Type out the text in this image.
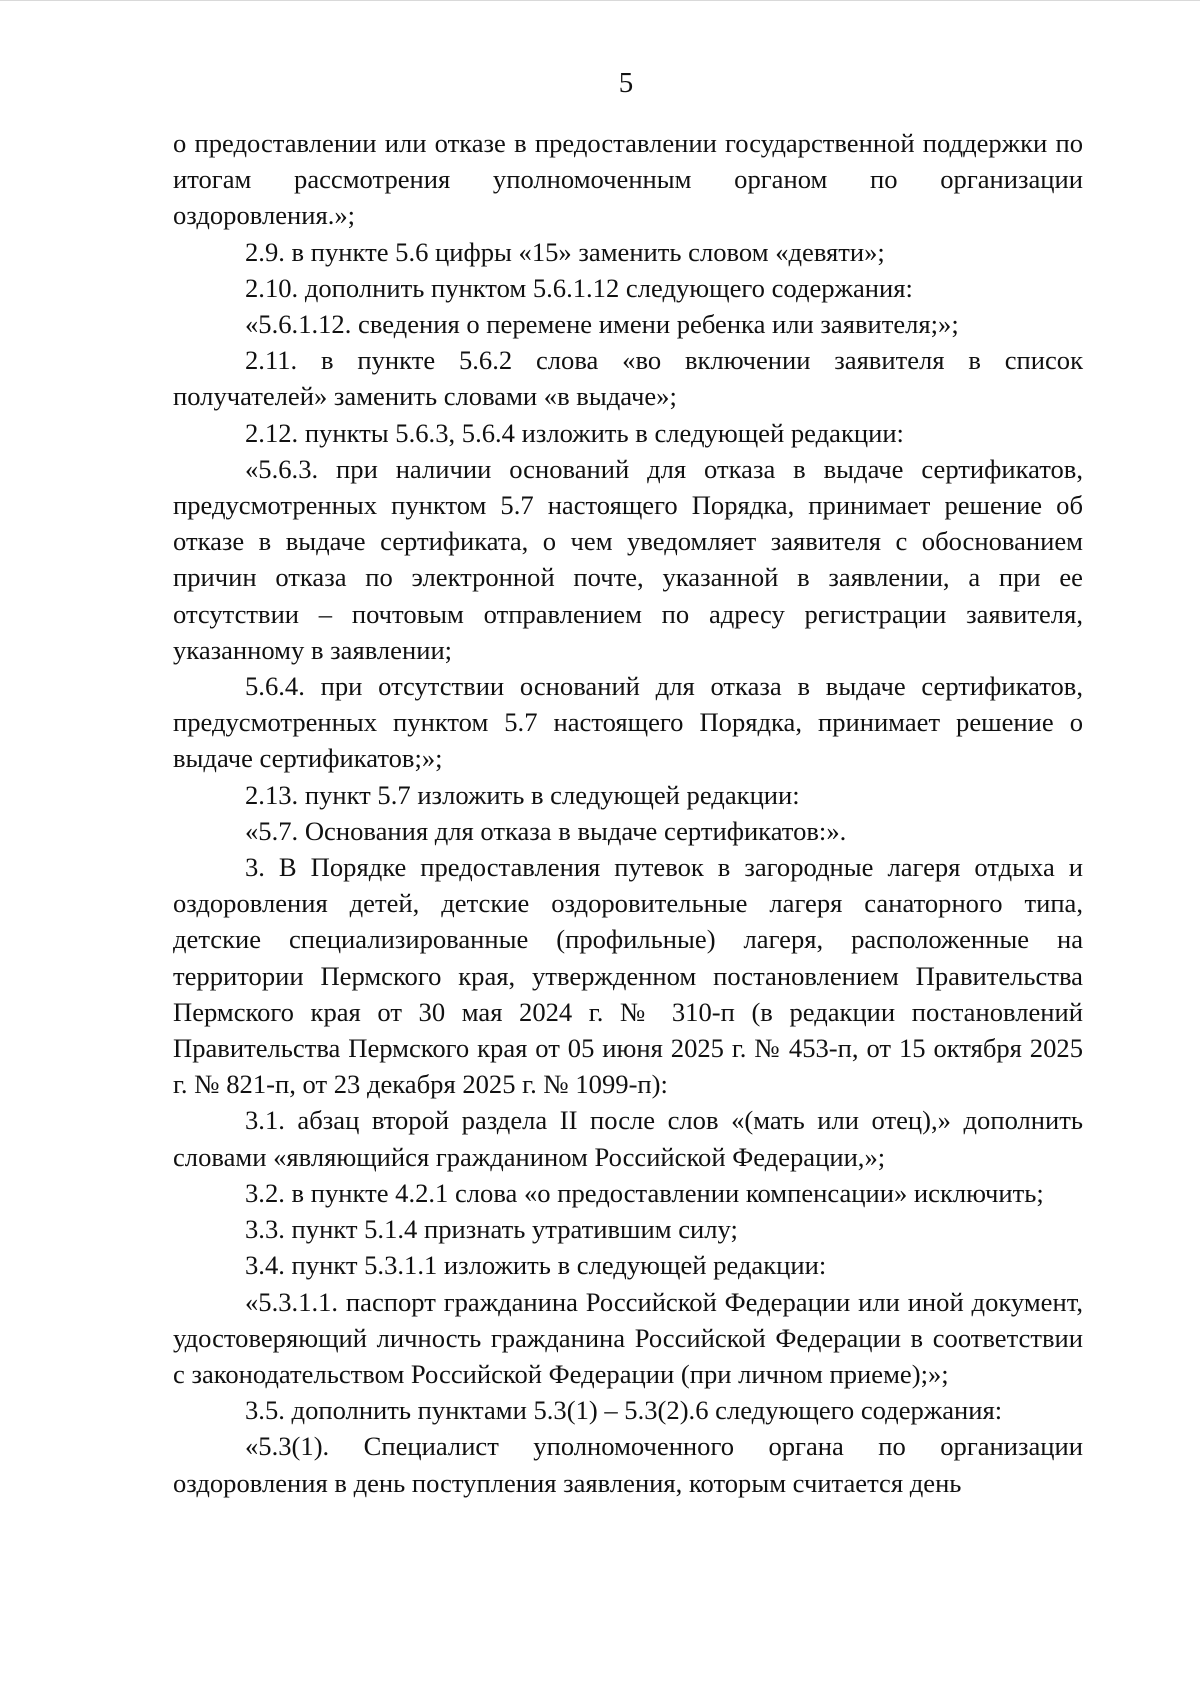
5

о предоставлении или отказе в предоставлении государственной поддержки по итогам рассмотрения уполномоченным органом по организации оздоровления.»;

2.9. в пункте 5.6 цифры «15» заменить словом «девяти»;

2.10. дополнить пунктом 5.6.1.12 следующего содержания:

«5.6.1.12. сведения о перемене имени ребенка или заявителя;»;

2.11. в пункте 5.6.2 слова «во включении заявителя в список получателей» заменить словами «в выдаче»;

2.12. пункты 5.6.3, 5.6.4 изложить в следующей редакции:

«5.6.3. при наличии оснований для отказа в выдаче сертификатов, предусмотренных пунктом 5.7 настоящего Порядка, принимает решение об отказе в выдаче сертификата, о чем уведомляет заявителя с обоснованием причин отказа по электронной почте, указанной в заявлении, а при ее отсутствии – почтовым отправлением по адресу регистрации заявителя, указанному в заявлении;

5.6.4. при отсутствии оснований для отказа в выдаче сертификатов, предусмотренных пунктом 5.7 настоящего Порядка, принимает решение о выдаче сертификатов;»;

2.13. пункт 5.7 изложить в следующей редакции:

«5.7. Основания для отказа в выдаче сертификатов:».

3. В Порядке предоставления путевок в загородные лагеря отдыха и оздоровления детей, детские оздоровительные лагеря санаторного типа, детские специализированные (профильные) лагеря, расположенные на территории Пермского края, утвержденном постановлением Правительства Пермского края от 30 мая 2024 г. № 310-п (в редакции постановлений Правительства Пермского края от 05 июня 2025 г. № 453-п, от 15 октября 2025 г. № 821-п, от 23 декабря 2025 г. № 1099-п):

3.1. абзац второй раздела II после слов «(мать или отец),» дополнить словами «являющийся гражданином Российской Федерации,»;

3.2. в пункте 4.2.1 слова «о предоставлении компенсации» исключить;

3.3. пункт 5.1.4 признать утратившим силу;

3.4. пункт 5.3.1.1 изложить в следующей редакции:

«5.3.1.1. паспорт гражданина Российской Федерации или иной документ, удостоверяющий личность гражданина Российской Федерации в соответствии с законодательством Российской Федерации (при личном приеме);»;

3.5. дополнить пунктами 5.3(1) – 5.3(2).6 следующего содержания:

«5.3(1). Специалист уполномоченного органа по организации оздоровления в день поступления заявления, которым считается день
